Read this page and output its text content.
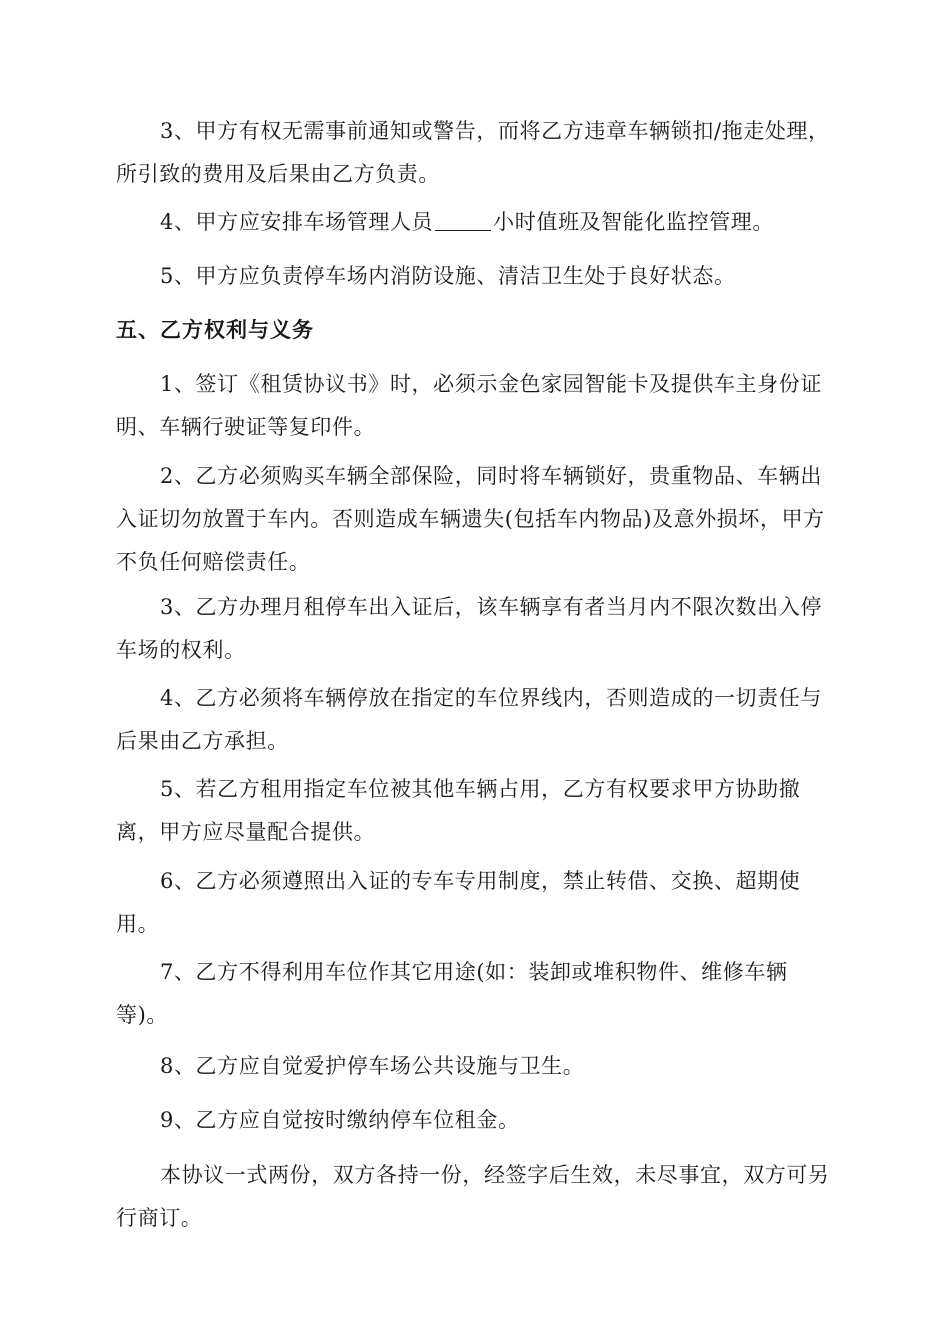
3、甲方有权无需事前通知或警告，而将乙方违章车辆锁扣/拖走处理，所引致的费用及后果由乙方负责。

4、甲方应安排车场管理人员	小时值班及智能化监控管理。

5、甲方应负责停车场内消防设施、清洁卫生处于良好状态。

五、乙方权利与义务

1、签订《租赁协议书》时，必须示金色家园智能卡及提供车主身份证明、车辆行驶证等复印件。

2、乙方必须购买车辆全部保险，同时将车辆锁好，贵重物品、车辆出入证切勿放置于车内。否则造成车辆遗失(包括车内物品)及意外损坏，甲方不负任何赔偿责任。

3、乙方办理月租停车出入证后，该车辆享有者当月内不限次数出入停车场的权利。

4、乙方必须将车辆停放在指定的车位界线内，否则造成的一切责任与后果由乙方承担。

5、若乙方租用指定车位被其他车辆占用，乙方有权要求甲方协助撤离，甲方应尽量配合提供。

6、乙方必须遵照出入证的专车专用制度，禁止转借、交换、超期使用。

7、乙方不得利用车位作其它用途(如：装卸或堆积物件、维修车辆等)。

8、乙方应自觉爱护停车场公共设施与卫生。

9、乙方应自觉按时缴纳停车位租金。

本协议一式两份，双方各持一份，经签字后生效，未尽事宜，双方可另行商订。
